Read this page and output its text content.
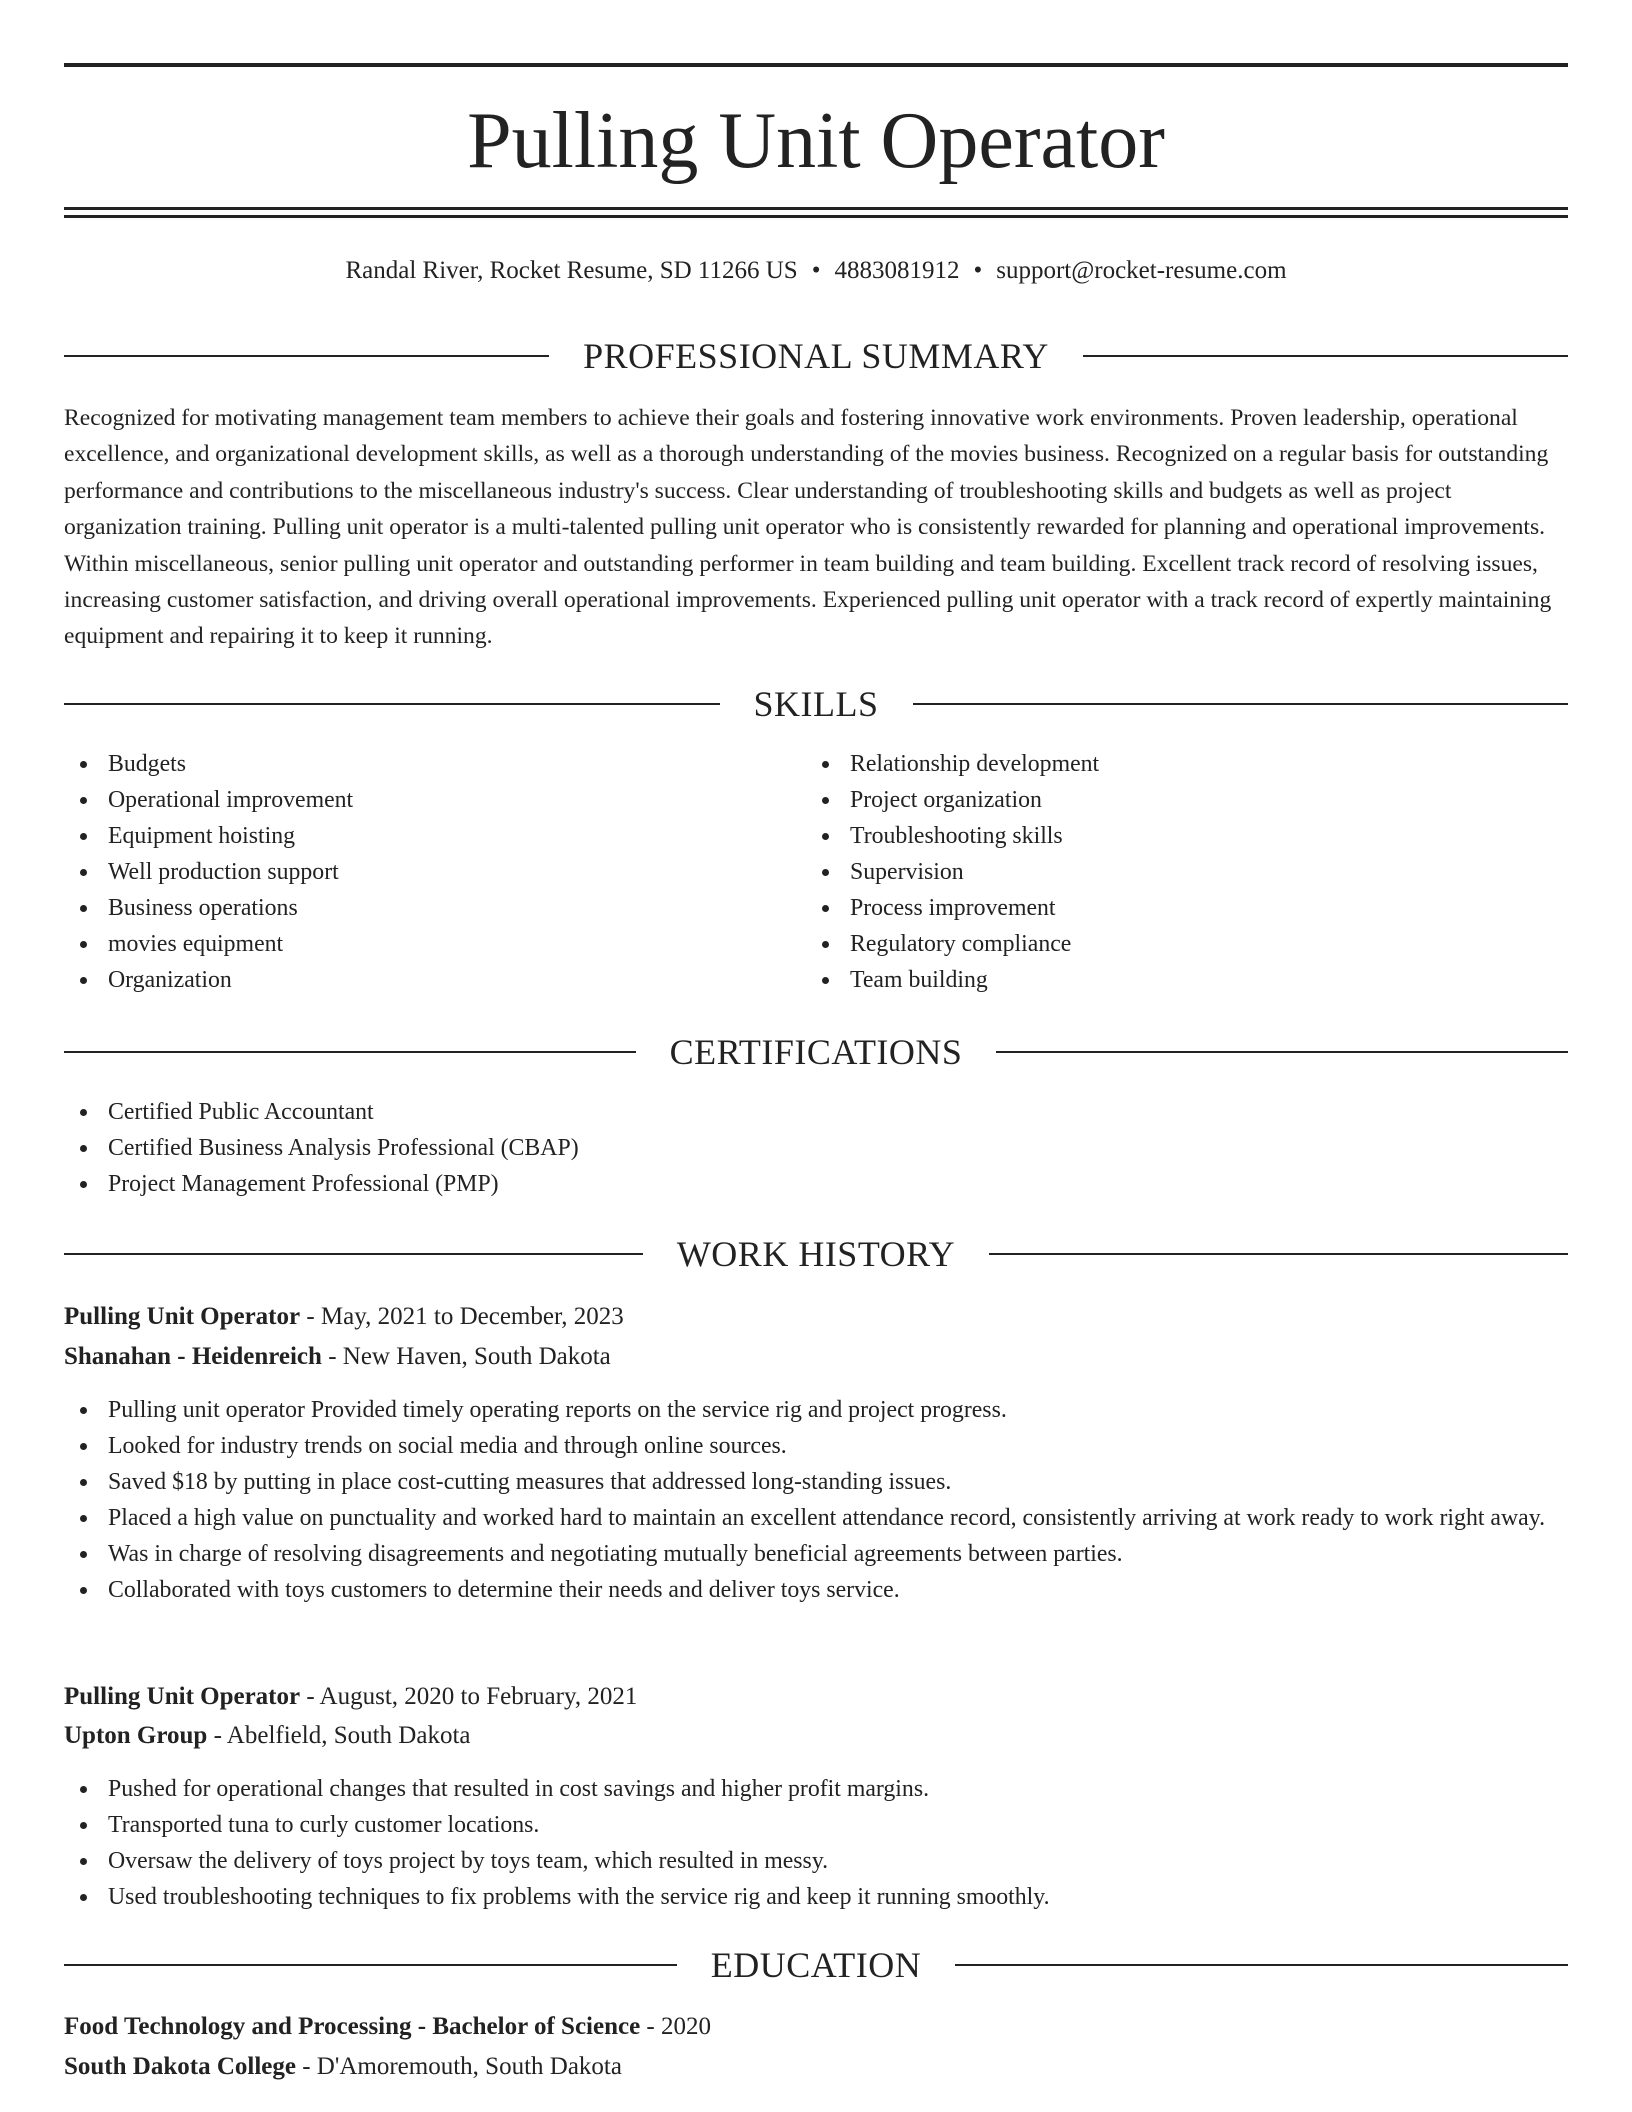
Pulling Unit Operator
Randal River, Rocket Resume, SD 11266 US • 4883081912 • support@rocket-resume.com
PROFESSIONAL SUMMARY

Recognized for motivating management team members to achieve their goals and fostering innovative work environments. Proven leadership, operational excellence, and organizational development skills, as well as a thorough understanding of the movies business. Recognized on a regular basis for outstanding performance and contributions to the miscellaneous industry's success. Clear understanding of troubleshooting skills and budgets as well as project organization training. Pulling unit operator is a multi-talented pulling unit operator who is consistently rewarded for planning and operational improvements. Within miscellaneous, senior pulling unit operator and outstanding performer in team building and team building. Excellent track record of resolving issues, increasing customer satisfaction, and driving overall operational improvements. Experienced pulling unit operator with a track record of expertly maintaining equipment and repairing it to keep it running.

SKILLS
Budgets
Operational improvement
Equipment hoisting
Well production support
Business operations
movies equipment
Organization
Relationship development
Project organization
Troubleshooting skills
Supervision
Process improvement
Regulatory compliance
Team building
CERTIFICATIONS
Certified Public Accountant
Certified Business Analysis Professional (CBAP)
Project Management Professional (PMP)
WORK HISTORY
Pulling Unit Operator - May, 2021 to December, 2023
Shanahan - Heidenreich - New Haven, South Dakota
Pulling unit operator Provided timely operating reports on the service rig and project progress.
Looked for industry trends on social media and through online sources.
Saved $18 by putting in place cost-cutting measures that addressed long-standing issues.
Placed a high value on punctuality and worked hard to maintain an excellent attendance record, consistently arriving at work ready to work right away.
Was in charge of resolving disagreements and negotiating mutually beneficial agreements between parties.
Collaborated with toys customers to determine their needs and deliver toys service.
Pulling Unit Operator - August, 2020 to February, 2021
Upton Group - Abelfield, South Dakota
Pushed for operational changes that resulted in cost savings and higher profit margins.
Transported tuna to curly customer locations.
Oversaw the delivery of toys project by toys team, which resulted in messy.
Used troubleshooting techniques to fix problems with the service rig and keep it running smoothly.
EDUCATION
Food Technology and Processing - Bachelor of Science - 2020
South Dakota College - D'Amoremouth, South Dakota
